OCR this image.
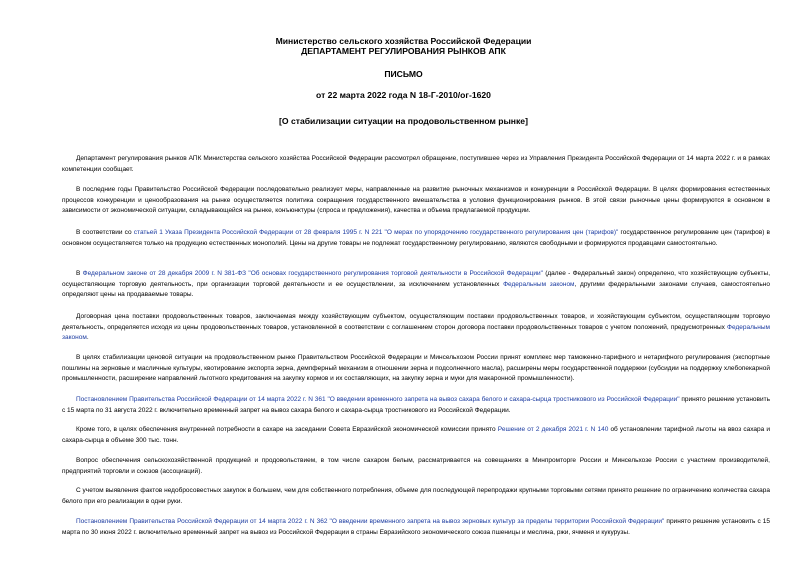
Министерство сельского хозяйства Российской Федерации
ДЕПАРТАМЕНТ РЕГУЛИРОВАНИЯ РЫНКОВ АПК
ПИСЬМО
от 22 марта 2022 года N 18-Г-2010/ог-1620
[О стабилизации ситуации на продовольственном рынке]

Департамент регулирования рынков АПК Министерства сельского хозяйства Российской Федерации рассмотрел обращение, поступившее через из Управления Президента Российской Федерации от 14 марта 2022 г. и в рамках компетенции сообщает.

В последние годы Правительство Российской Федерации последовательно реализует меры, направленные на развитие рыночных механизмов и конкуренции в Российской Федерации. В целях формирования естественных процессов конкуренции и ценообразования на рынке осуществляется политика сокращения государственного вмешательства в условия функционирования рынков. В этой связи рыночные цены формируются в основном в зависимости от экономической ситуации, складывающейся на рынке, конъюнктуры (спроса и предложения), качества и объема предлагаемой продукции.

В соответствии со статьей 1 Указа Президента Российской Федерации от 28 февраля 1995 г. N 221 "О мерах по упорядочению государственного регулирования цен (тарифов)" государственное регулирование цен (тарифов) в основном осуществляется только на продукцию естественных монополий. Цены на другие товары не подлежат государственному регулированию, являются свободными и формируются продавцами самостоятельно.

В Федеральном законе от 28 декабря 2009 г. N 381-ФЗ "Об основах государственного регулирования торговой деятельности в Российской Федерации" (далее - Федеральный закон) определено, что хозяйствующие субъекты, осуществляющие торговую деятельность, при организации торговой деятельности и ее осуществлении, за исключением установленных Федеральным законом, другими федеральными законами случаев, самостоятельно определяют цены на продаваемые товары.

Договорная цена поставки продовольственных товаров, заключаемая между хозяйствующим субъектом, осуществляющим поставки продовольственных товаров, и хозяйствующим субъектом, осуществляющим торговую деятельность, определяется исходя из цены продовольственных товаров, установленной в соответствии с соглашением сторон договора поставки продовольственных товаров с учетом положений, предусмотренных Федеральным законом.

В целях стабилизации ценовой ситуации на продовольственном рынке Правительством Российской Федерации и Минсельхозом России принят комплекс мер таможенно-тарифного и нетарифного регулирования (экспортные пошлины на зерновые и масличные культуры, квотирование экспорта зерна, демпферный механизм в отношении зерна и подсолнечного масла), расширены меры государственной поддержки (субсидии на поддержку хлебопекарной промышленности, расширение направлений льготного кредитования на закупку кормов и их составляющих, на закупку зерна и муки для макаронной промышленности).

Постановлением Правительства Российской Федерации от 14 марта 2022 г. N 361 "О введении временного запрета на вывоз сахара белого и сахара-сырца тростникового из Российской Федерации" принято решение установить с 15 марта по 31 августа 2022 г. включительно временный запрет на вывоз сахара белого и сахара-сырца тростникового из Российской Федерации.

Кроме того, в целях обеспечения внутренней потребности в сахаре на заседании Совета Евразийской экономической комиссии принято Решение от 2 декабря 2021 г. N 140 об установлении тарифной льготы на ввоз сахара и сахара-сырца в объеме 300 тыс. тонн.

Вопрос обеспечения сельскохозяйственной продукцией и продовольствием, в том числе сахаром белым, рассматривается на совещаниях в Минпромторге России и Минсельхозе России с участием производителей, предприятий торговли и союзов (ассоциаций).

С учетом выявления фактов недобросовестных закупок в большем, чем для собственного потребления, объеме для последующей перепродажи крупными торговыми сетями принято решение по ограничению количества сахара белого при его реализации в одни руки.

Постановлением Правительства Российской Федерации от 14 марта 2022 г. N 362 "О введении временного запрета на вывоз зерновых культур за пределы территории Российской Федерации" принято решение установить с 15 марта по 30 июня 2022 г. включительно временный запрет на вывоз из Российской Федерации в страны Евразийского экономического союза пшеницы и меслина, ржи, ячменя и кукурузы.
